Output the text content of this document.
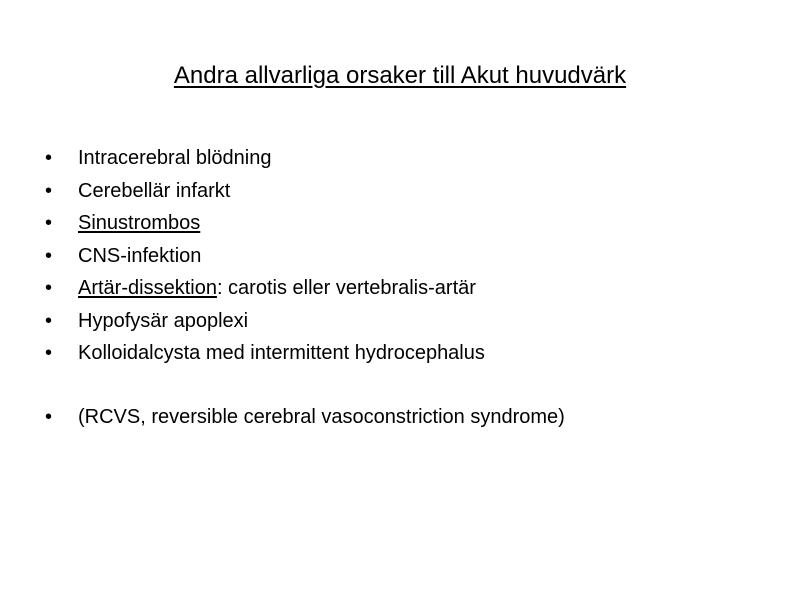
Andra allvarliga orsaker till Akut huvudvärk
• Intracerebral blödning
• Cerebellär infarkt
• Sinustrombos
• CNS-infektion
• Artär-dissektion: carotis eller vertebralis-artär
• Hypofysär apoplexi
• Kolloidalcysta med intermittent hydrocephalus
• (RCVS, reversible cerebral vasoconstriction syndrome)
